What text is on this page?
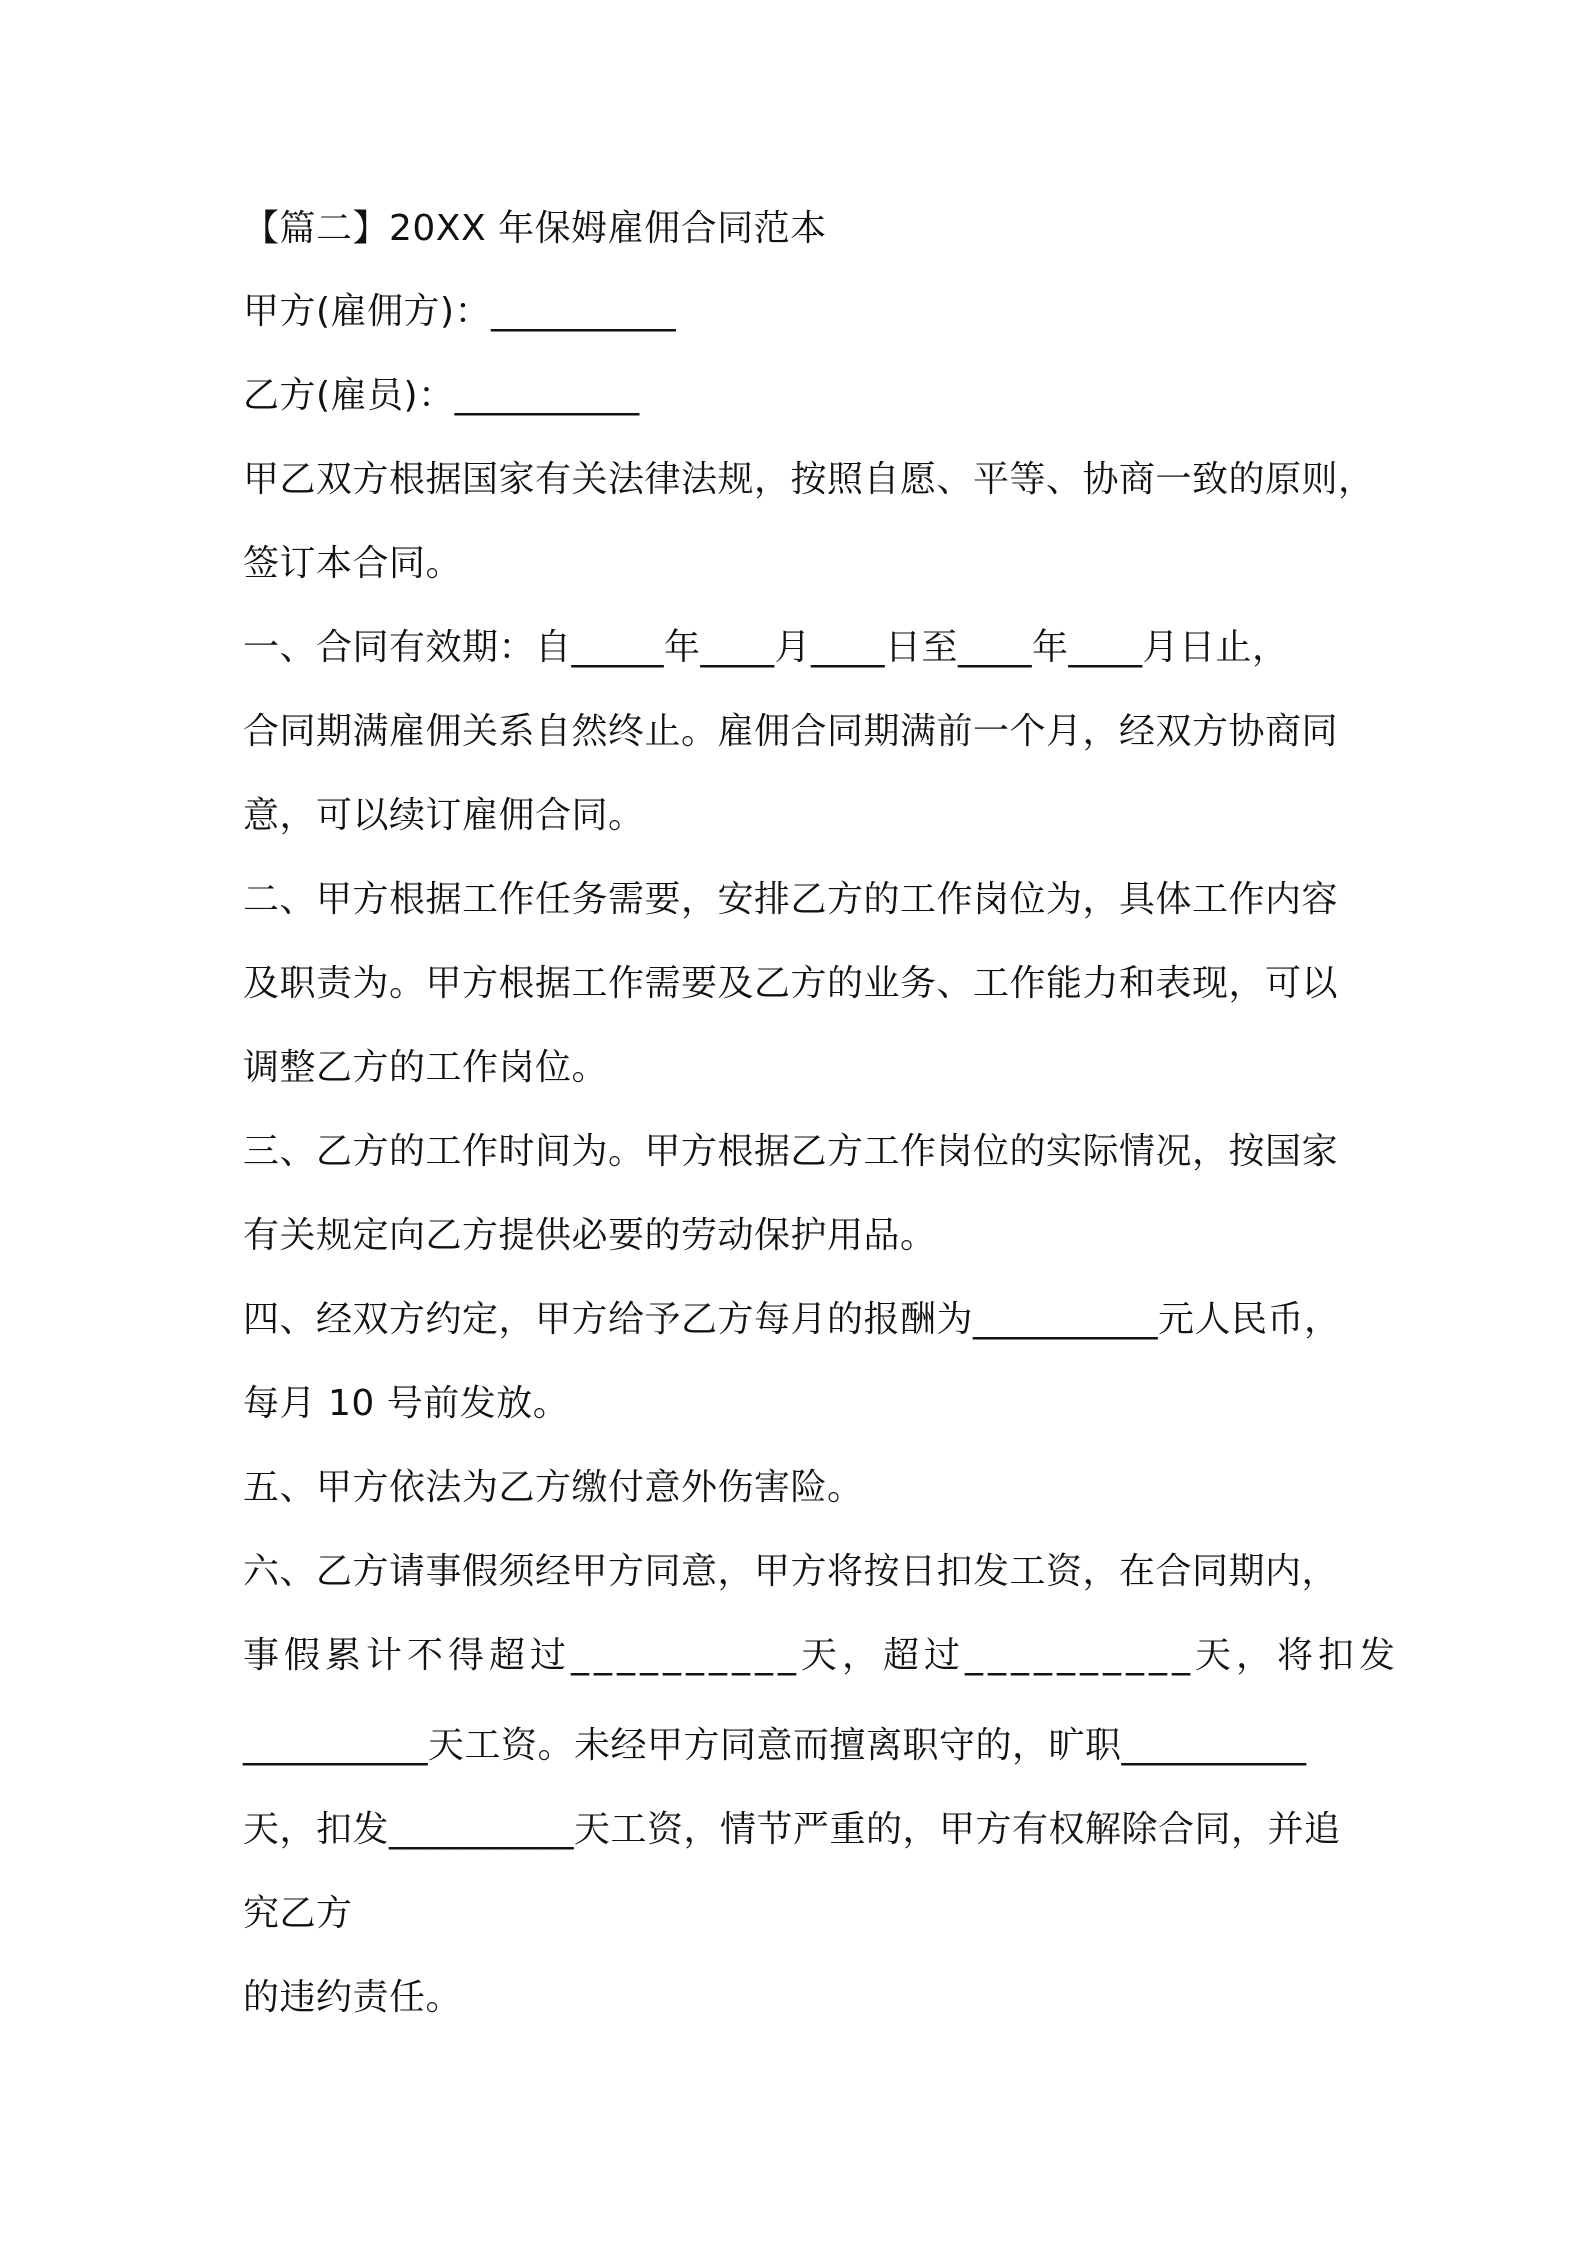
【篇二】20XX 年保姆雇佣合同范本
甲方(雇佣方)：__________
乙方(雇员)：__________
甲乙双方根据国家有关法律法规，按照自愿、平等、协商一致的原则，
签订本合同。
一、合同有效期：自_____年____月____日至____年____月日止，
合同期满雇佣关系自然终止。雇佣合同期满前一个月，经双方协商同
意，可以续订雇佣合同。
二、甲方根据工作任务需要，安排乙方的工作岗位为，具体工作内容
及职责为。甲方根据工作需要及乙方的业务、工作能力和表现，可以
调整乙方的工作岗位。
三、乙方的工作时间为。甲方根据乙方工作岗位的实际情况，按国家
有关规定向乙方提供必要的劳动保护用品。
四、经双方约定，甲方给予乙方每月的报酬为__________元人民币，
每月 10 号前发放。
五、甲方依法为乙方缴付意外伤害险。
六、乙方请事假须经甲方同意，甲方将按日扣发工资，在合同期内，
事假累计不得超过__________天，超过__________天，将扣发
__________天工资。未经甲方同意而擅离职守的，旷职__________
天，扣发__________天工资，情节严重的，甲方有权解除合同，并追
究乙方
的违约责任。
